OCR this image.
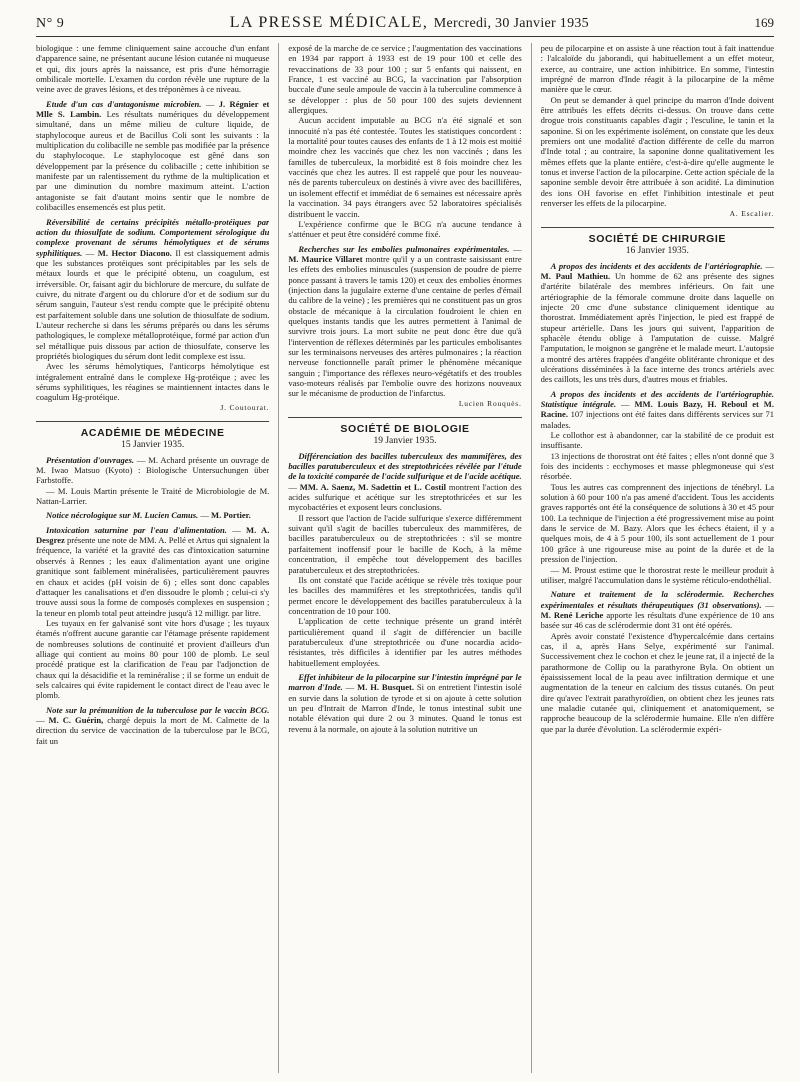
N° 9	LA PRESSE MÉDICALE, Mercredi, 30 Janvier 1935	169

biologique : une femme cliniquement saine accouche d'un enfant d'apparence saine, ne présentant aucune lésion cutanée ni muqueuse et qui, dix jours après la naissance, est pris d'une hémorragie ombilicale mortelle. L'examen du cordon révèle une rupture de la veine avec de graves lésions, et des tréponèmes à ce niveau.

Etude d'un cas d'antagonisme microbien. — J. Régnier et Mlle S. Lambin. Les résultats numériques du développement simultané, dans un même milieu de culture liquide, de staphylocoque aureus et de Bacillus Coli sont les suivants : la multiplication du colibacille ne semble pas modifiée par la présence du staphylocoque. Le staphylocoque est gêné dans son développement par la présence du colibacille ; cette inhibition se manifeste par un ralentissement du rythme de la multiplication et par une diminution du nombre maximum atteint. L'action antagoniste se fait d'autant moins sentir que le nombre de colibacilles ensemencés est plus petit.

Réversibilité de certains précipités métallo-protéiques par action du thiosulfate de sodium. Comportement sérologique du complexe provenant de sérums hémolytiques et de sérums syphilitiques. — M. Hector Diacono. Il est classiquement admis que les substances protéiques sont précipitables par les sels de métaux lourds et que le précipité obtenu, un coagulum, est irréversible. Or, faisant agir du bichlorure de mercure, du sulfate de cuivre, du nitrate d'argent ou du chlorure d'or et de sodium sur du sérum sanguin, l'auteur s'est rendu compte que le précipité obtenu est parfaitement soluble dans une solution de thiosulfate de sodium. L'auteur recherche si dans les sérums préparés ou dans les sérums pathologiques, le complexe métalloprotéique, formé par action d'un sel métallique puis dissous par action de thiosulfate, conserve les propriétés biologiques du sérum dont ledit complexe est issu.

Avec les sérums hémolytiques, l'anticorps hémolytique est intégralement entraîné dans le complexe Hg-protéique ; avec les sérums syphilitiques, les réagines se maintiennent intactes dans le coagulum Hg-protéique.

J. Coutourat.

ACADÉMIE DE MÉDECINE
15 Janvier 1935.

Présentation d'ouvrages. — M. Achard présente un ouvrage de M. Iwao Matsuo (Kyoto) : Biologische Untersuchungen über Farbstoffe.

— M. Louis Martin présente le Traité de Microbiologie de M. Nattan-Larrier.

Notice nécrologique sur M. Lucien Camus. — M. Portier.

Intoxication saturnine par l'eau d'alimentation. — M. A. Desgrez présente une note de MM. A. Pellé et Artus qui signalent la fréquence, la variété et la gravité des cas d'intoxication saturnine observés à Rennes ; les eaux d'alimentation ayant une origine granitique sont faiblement minéralisées, particulièrement pauvres en chaux et acides (pH voisin de 6) ; elles sont donc capables d'attaquer les canalisations et d'en dissoudre le plomb ; celui-ci s'y trouve aussi sous la forme de composés complexes en suspension ; la teneur en plomb total peut atteindre jusqu'à 12 milligr. par litre.

Les tuyaux en fer galvanisé sont vite hors d'usage ; les tuyaux étamés n'offrent aucune garantie car l'étamage présente rapidement de nombreuses solutions de continuité et provient d'ailleurs d'un alliage qui contient au moins 80 pour 100 de plomb. Le seul procédé pratique est la clarification de l'eau par l'adjonction de chaux qui la désacidifie et la reminéralise ; il se forme un enduit de sels calcaires qui évite rapidement le contact direct de l'eau avec le plomb.

Note sur la prémunition de la tuberculose par le vaccin BCG. — M. C. Guérin, chargé depuis la mort de M. Calmette de la direction du service de vaccination de la tuberculose par le BCG, fait un

exposé de la marche de ce service ; l'augmentation des vaccinations en 1934 par rapport à 1933 est de 19 pour 100 et celle des revaccinations de 33 pour 100 ; sur 5 enfants qui naissent, en France, 1 est vacciné au BCG, la vaccination par l'absorption buccale d'une seule ampoule de vaccin à la tuberculine commence à se développer : plus de 50 pour 100 des sujets deviennent allergiques.

Aucun accident imputable au BCG n'a été signalé et son innocuité n'a pas été contestée. Toutes les statistiques concordent : la mortalité pour toutes causes des enfants de 1 à 12 mois est moitié moindre chez les vaccinés que chez les non vaccinés ; dans les familles de tuberculeux, la morbidité est 8 fois moindre chez les vaccinés que chez les autres. Il est rappelé que pour les nouveau-nés de parents tuberculeux on destinés à vivre avec des bacillifères, un isolement effectif et immédiat de 6 semaines est nécessaire après la vaccination. 34 pays étrangers avec 52 laboratoires spécialisés distribuent le vaccin.

L'expérience confirme que le BCG n'a aucune tendance à s'atténuer et peut être considéré comme fixé.

Recherches sur les embolies pulmonaires expérimentales. — M. Maurice Villaret montre qu'il y a un contraste saisissant entre les effets des embolies minuscules (suspension de poudre de pierre ponce passant à travers le tamis 120) et ceux des embolies énormes (injection dans la jugulaire externe d'une centaine de perles d'émail du calibre de la veine) ; les premières qui ne constituent pas un gros obstacle de mécanique à la circulation foudroient le chien en quelques instants tandis que les autres permettent à l'animal de survivre trois jours. La mort subite ne peut donc être due qu'à l'intervention de réflexes déterminés par les particules embolisantes sur les terminaisons nerveuses des artères pulmonaires ; la réaction nerveuse fonctionnelle paraît primer le phénomène mécanique sanguin ; l'importance des réflexes neuro-végétatifs et des troubles vaso-moteurs réalisés par l'embolie ouvre des horizons nouveaux sur le mécanisme de production de l'infarctus.

Lucien Rouquès.

SOCIÉTÉ DE BIOLOGIE
19 Janvier 1935.

Différenciation des bacilles tuberculeux des mammifères, des bacilles paratuberculeux et des streptothricées révélée par l'étude de la toxicité comparée de l'acide sulfurique et de l'acide acétique. — MM. A. Saenz, M. Sadettin et L. Costil montrent l'action des acides sulfurique et acétique sur les streptothricées et sur les mycobactéries et exposent leurs conclusions.

Il ressort que l'action de l'acide sulfurique s'exerce différemment suivant qu'il s'agit de bacilles tuberculeux des mammifères, de bacilles paratuberculeux ou de streptothricées : s'il se montre parfaitement inoffensif pour le bacille de Koch, à la même concentration, il empêche tout développement des bacilles paratuberculeux et des streptothricées.

Ils ont constaté que l'acide acétique se révèle très toxique pour les bacilles des mammifères et les streptothricées, tandis qu'il permet encore le développement des bacilles paratuberculeux à la concentration de 10 pour 100.

L'application de cette technique présente un grand intérêt particulièrement quand il s'agit de différencier un bacille paratuberculeux d'une streptothricée ou d'une nocardia acido-résistantes, très difficiles à identifier par les autres méthodes habituellement employées.

Effet inhibiteur de la pilocarpine sur l'intestin imprégné par le marron d'Inde. — M. H. Busquet. Si on entretient l'intestin isolé en survie dans la solution de tyrode et si on ajoute à cette solution un peu d'Intrait de Marron d'Inde, le tonus intestinal subit une notable élévation qui dure 2 ou 3 minutes. Quand le tonus est revenu à la normale, on ajoute à la solution nutritive un

peu de pilocarpine et on assiste à une réaction tout à fait inattendue : l'alcaloïde du jaborandi, qui habituellement a un effet moteur, exerce, au contraire, une action inhibitrice. En somme, l'intestin imprégné de marron d'Inde réagit à la pilocarpine de la même manière que le cœur.

On peut se demander à quel principe du marron d'Inde doivent être attribués les effets décrits ci-dessus. On trouve dans cette drogue trois constituants capables d'agir ; l'esculine, le tanin et la saponine. Si on les expérimente isolément, on constate que les deux premiers ont une modalité d'action différente de celle du marron d'Inde total ; au contraire, la saponine donne qualitativement les mêmes effets que la plante entière, c'est-à-dire qu'elle augmente le tonus et inverse l'action de la pilocarpine. Cette action spéciale de la saponine semble devoir être attribuée à son acidité. La diminution des ions OH favorise en effet l'inhibition intestinale et peut renverser les effets de la pilocarpine.

A. Escalier.

SOCIÉTÉ DE CHIRURGIE
16 Janvier 1935.

A propos des incidents et des accidents de l'artériographie. — M. Paul Mathieu. Un homme de 62 ans présente des signes d'artérite bilatérale des membres inférieurs. On fait une artériographie de la fémorale commune droite dans laquelle on injecte 20 cmc d'une substance cliniquement identique au thorostrat. Immédiatement après l'injection, le pied est frappé de stupeur artérielle. Dans les jours qui suivent, l'apparition de sphacèle étendu oblige à l'amputation de cuisse. Malgré l'amputation, le moignon se gangrène et le malade meurt. L'autopsie a montré des artères frappées d'angéite oblitérante chronique et des ulcérations disséminées à la face interne des troncs artériels avec des caillots, les uns très durs, d'autres mous et friables.

A propos des incidents et des accidents de l'artériographie. Statistique intégrale. — MM. Louis Bazy, H. Reboul et M. Racine. 107 injections ont été faites dans différents services sur 71 malades.

Le collothor est à abandonner, car la stabilité de ce produit est insuffisante.

13 injections de thorostrat ont été faites ; elles n'ont donné que 3 fois des incidents : ecchymoses et masse phlegmoneuse qui s'est résorbée.

Tous les autres cas comprennent des injections de ténébryl. La solution à 60 pour 100 n'a pas amené d'accident. Tous les accidents graves rapportés ont été la conséquence de solutions à 30 et 45 pour 100. La technique de l'injection a été progressivement mise au point dans le service de M. Bazy. Alors que les échecs étaient, il y a quelques mois, de 4 à 5 pour 100, ils sont actuellement de 1 pour 100 grâce à une rigoureuse mise au point de la durée et de la pression de l'injection.

— M. Proust estime que le thorostrat reste le meilleur produit à utiliser, malgré l'accumulation dans le système réticulo-endothélial.

Nature et traitement de la sclérodermie. Recherches expérimentales et résultats thérapeutiques (31 observations). — M. René Leriche apporte les résultats d'une expérience de 10 ans basée sur 46 cas de sclérodermie dont 31 ont été opérés.

Après avoir constaté l'existence d'hypercalcémie dans certains cas, il a, après Hans Selye, expérimenté sur l'animal. Successivement chez le cochon et chez le jeune rat, il a injecté de la parathormone de Collip ou la parathyrone Byla. On obtient un épaississement local de la peau avec infiltration dermique et une augmentation de la teneur en calcium des tissus cutanés. On peut dire qu'avec l'extrait parathyroïdien, on obtient chez les jeunes rats une maladie cutanée qui, cliniquement et anatomiquement, se rapproche beaucoup de la sclérodermie humaine. Elle n'en diffère que par la durée d'évolution. La sclérodermie expéri-
